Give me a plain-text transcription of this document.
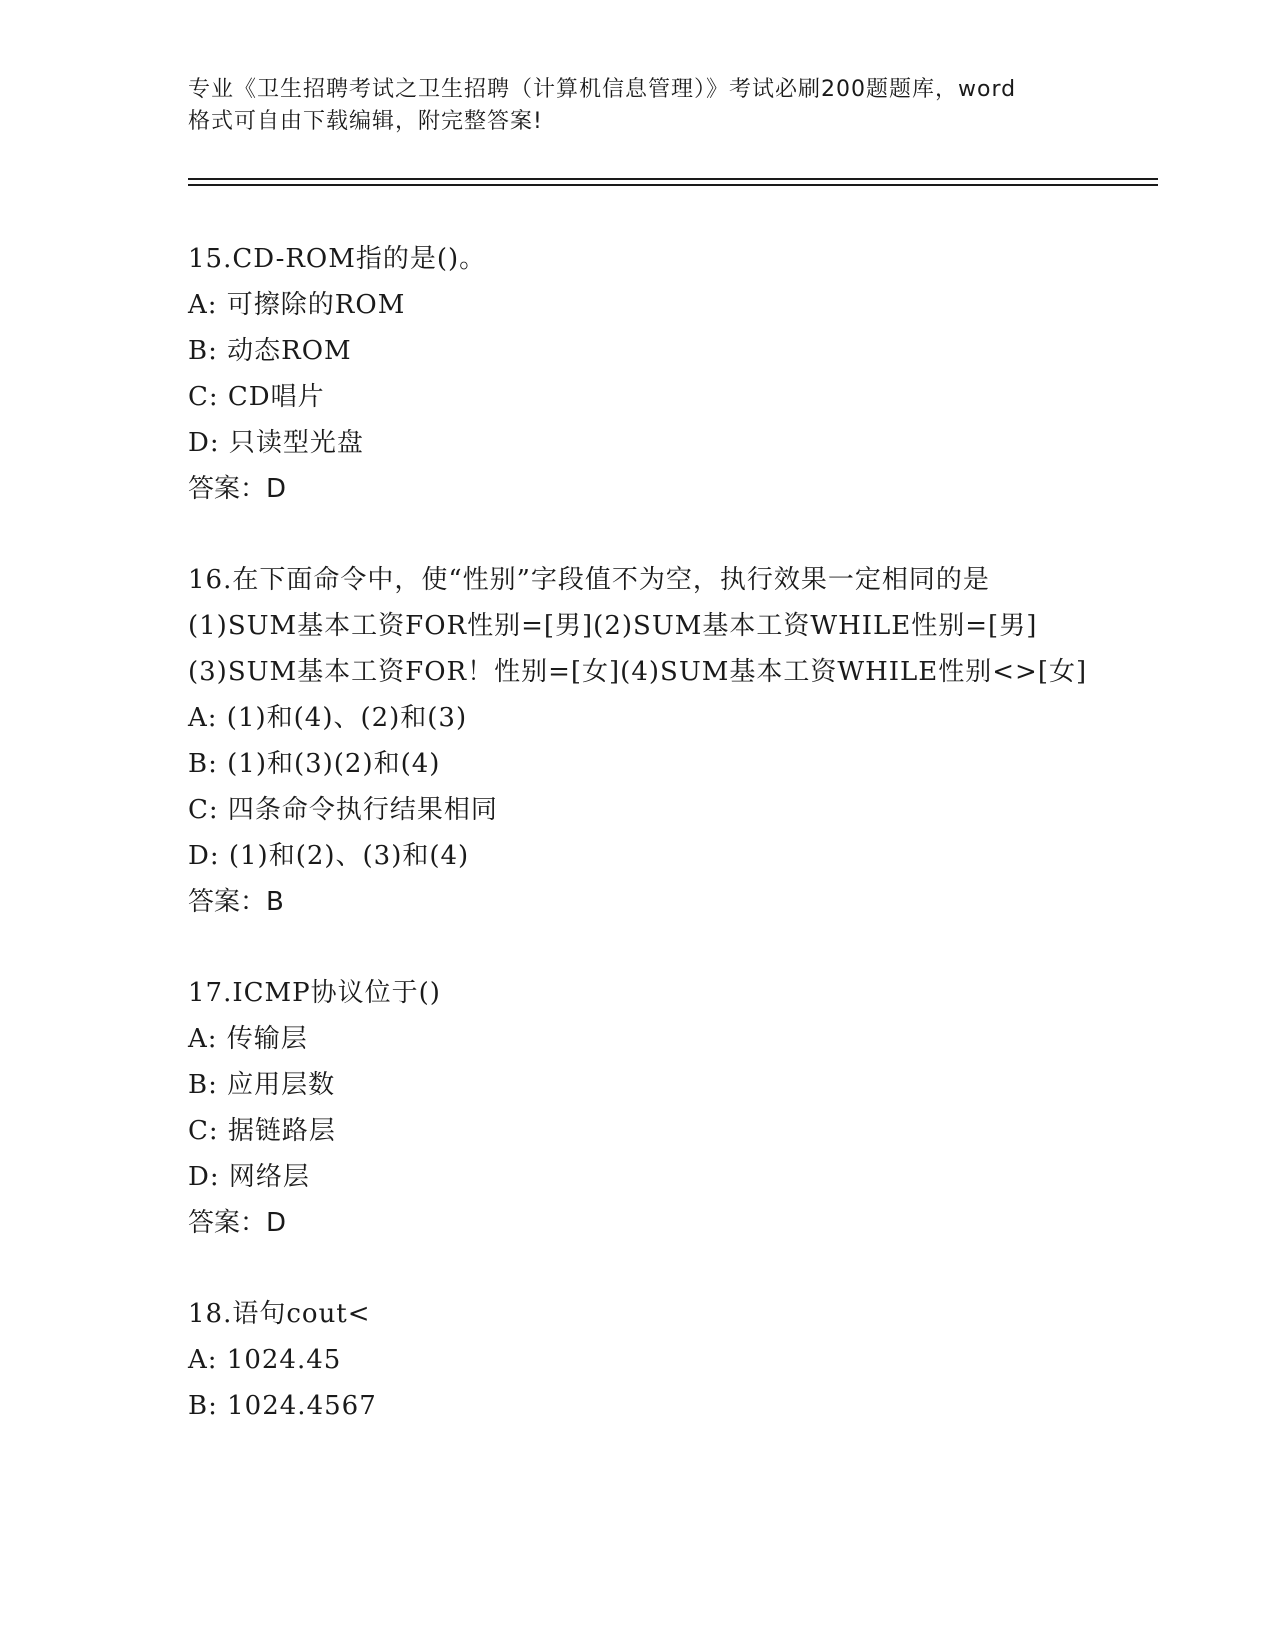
专业《卫生招聘考试之卫生招聘（计算机信息管理）》考试必刷200题题库，word
格式可自由下载编辑，附完整答案!
15.CD-ROM指的是()。
A: 可擦除的ROM
B: 动态ROM
C: CD唱片
D: 只读型光盘
答案：D
16.在下面命令中，使“性别”字段值不为空，执行效果一定相同的是(1)SUM基本工资FOR性别=[男](2)SUM基本工资WHILE性别=[男](3)SUM基本工资FOR！性别=[女](4)SUM基本工资WHILE性别<>[女]
A: (1)和(4)、(2)和(3)
B: (1)和(3)(2)和(4)
C: 四条命令执行结果相同
D: (1)和(2)、(3)和(4)
答案：B
17.ICMP协议位于()
A: 传输层
B: 应用层数
C: 据链路层
D: 网络层
答案：D
18.语句cout<
A: 1024.45
B: 1024.4567
